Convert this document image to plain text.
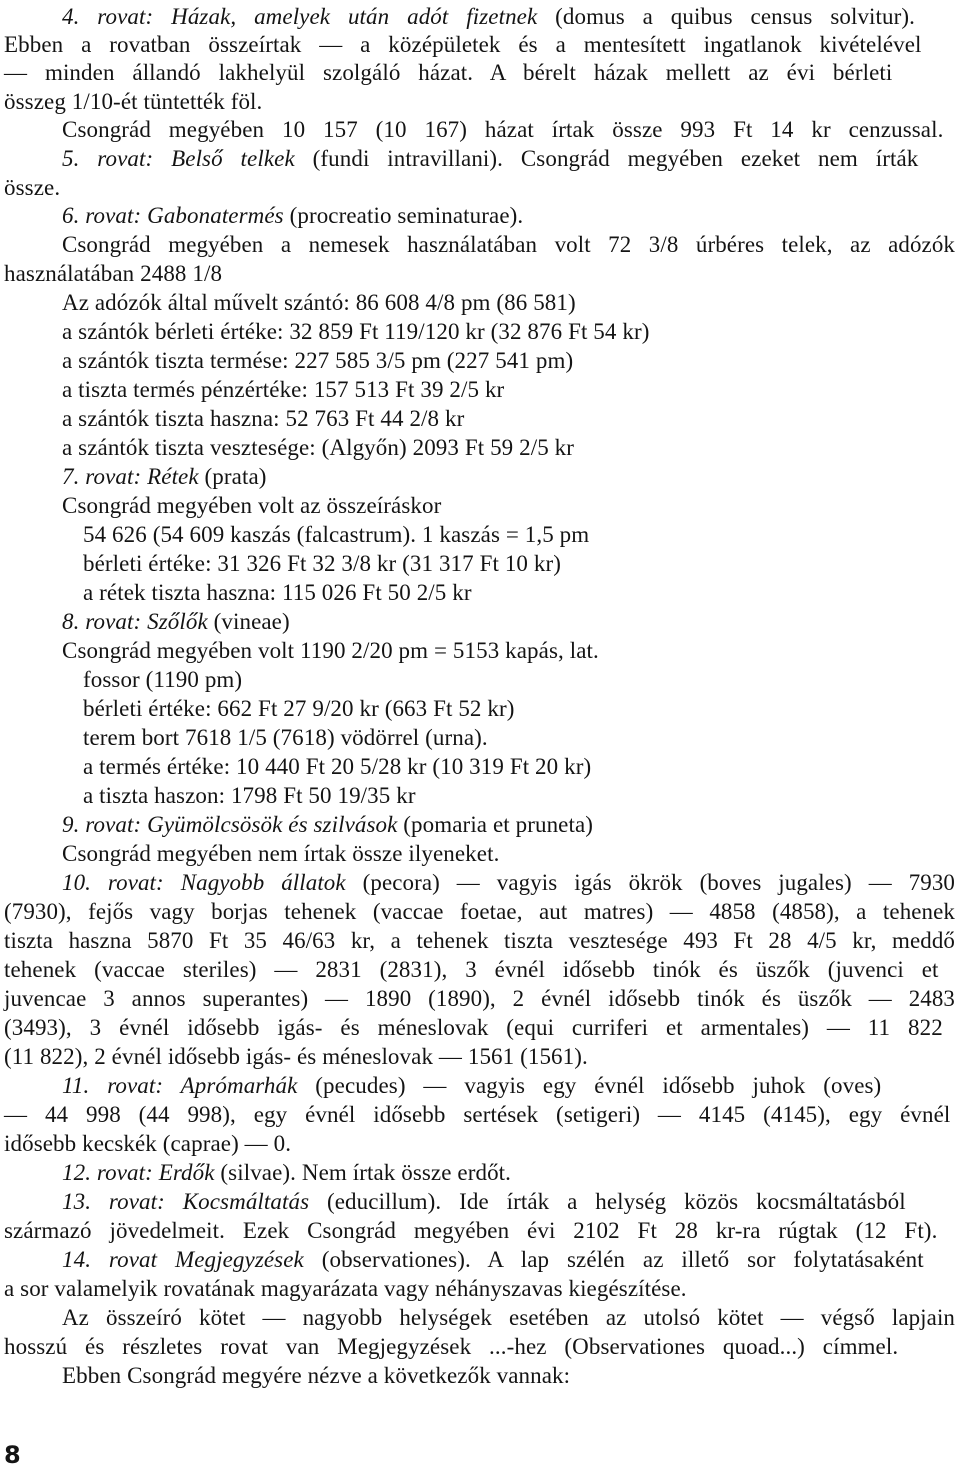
4. rovat: Házak, amelyek után adót fizetnek (domus a quibus census solvitur).
Ebben a rovatban összeírtak — a középületek és a mentesített ingatlanok kivételével
— minden állandó lakhelyül szolgáló házat. A bérelt házak mellett az évi bérleti
összeg 1/10-ét tüntették föl.
Csongrád megyében 10 157 (10 167) házat írtak össze 993 Ft 14 kr cenzussal.
5. rovat: Belső telkek (fundi intravillani). Csongrád megyében ezeket nem írták
össze.
6. rovat: Gabonatermés (procreatio seminaturae).
Csongrád megyében a nemesek használatában volt 72 3/8 úrbéres telek, az adózók
használatában 2488 1/8
Az adózók által művelt szántó: 86 608 4/8 pm (86 581)
a szántók bérleti értéke: 32 859 Ft 119/120 kr (32 876 Ft 54 kr)
a szántók tiszta termése: 227 585 3/5 pm (227 541 pm)
a tiszta termés pénzértéke: 157 513 Ft 39 2/5 kr
a szántók tiszta haszna: 52 763 Ft 44 2/8 kr
a szántók tiszta vesztesége: (Algyőn) 2093 Ft 59 2/5 kr
7. rovat: Rétek (prata)
Csongrád megyében volt az összeíráskor
54 626 (54 609 kaszás (falcastrum). 1 kaszás = 1,5 pm
bérleti értéke: 31 326 Ft 32 3/8 kr (31 317 Ft 10 kr)
a rétek tiszta haszna: 115 026 Ft 50 2/5 kr
8. rovat: Szőlők (vineae)
Csongrád megyében volt 1190 2/20 pm = 5153 kapás, lat.
fossor (1190 pm)
bérleti értéke: 662 Ft 27 9/20 kr (663 Ft 52 kr)
terem bort 7618 1/5 (7618) vödörrel (urna).
a termés értéke: 10 440 Ft 20 5/28 kr (10 319 Ft 20 kr)
a tiszta haszon: 1798 Ft 50 19/35 kr
9. rovat: Gyümölcsösök és szilvások (pomaria et pruneta)
Csongrád megyében nem írtak össze ilyeneket.
10. rovat: Nagyobb állatok (pecora) — vagyis igás ökrök (boves jugales) — 7930
(7930), fejős vagy borjas tehenek (vaccae foetae, aut matres) — 4858 (4858), a tehenek
tiszta haszna 5870 Ft 35 46/63 kr, a tehenek tiszta vesztesége 493 Ft 28 4/5 kr, meddő
tehenek (vaccae steriles) — 2831 (2831), 3 évnél idősebb tinók és üszők (juvenci et
juvencae 3 annos superantes) — 1890 (1890), 2 évnél idősebb tinók és üszők — 2483
(3493), 3 évnél idősebb igás- és méneslovak (equi curriferi et armentales) — 11 822
(11 822), 2 évnél idősebb igás- és méneslovak — 1561 (1561).
11. rovat: Aprómarhák (pecudes) — vagyis egy évnél idősebb juhok (oves)
— 44 998 (44 998), egy évnél idősebb sertések (setigeri) — 4145 (4145), egy évnél
idősebb kecskék (caprae) — 0.
12. rovat: Erdők (silvae). Nem írtak össze erdőt.
13. rovat: Kocsmáltatás (educillum). Ide írták a helység közös kocsmáltatásból
származó jövedelmeit. Ezek Csongrád megyében évi 2102 Ft 28 kr-ra rúgtak (12 Ft).
14. rovat Megjegyzések (observationes). A lap szélén az illető sor folytatásaként
a sor valamelyik rovatának magyarázata vagy néhányszavas kiegészítése.
Az összeíró kötet — nagyobb helységek esetében az utolsó kötet — végső lapjain
hosszú és részletes rovat van Megjegyzések ...-hez (Observationes quoad...) címmel.
Ebben Csongrád megyére nézve a következők vannak:
8
